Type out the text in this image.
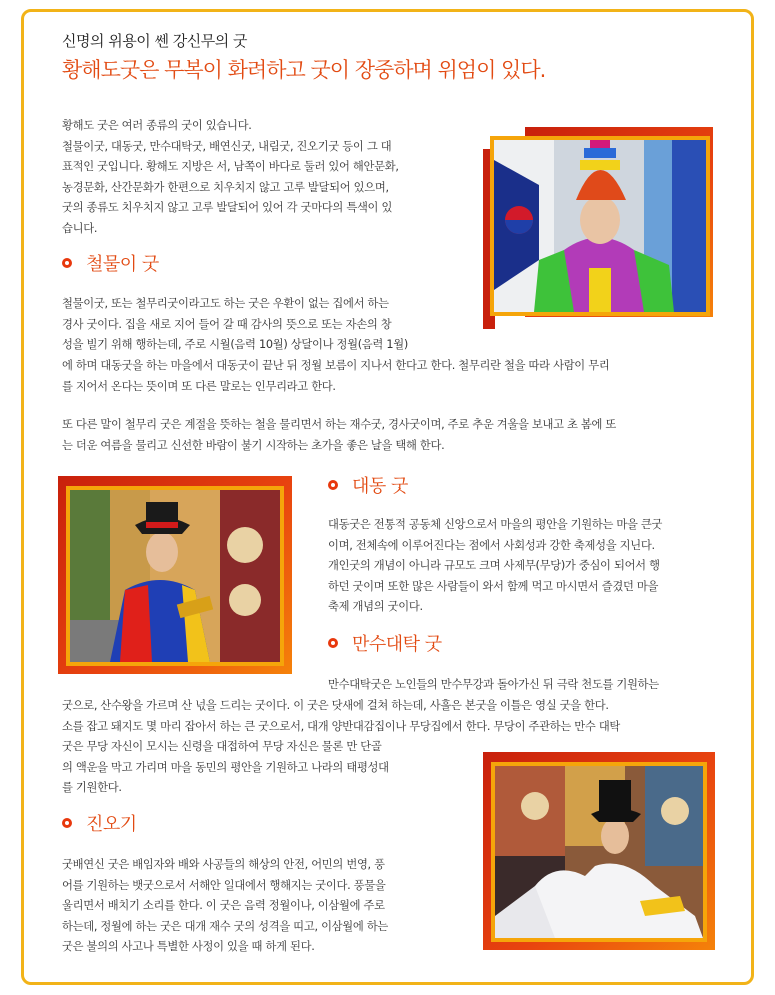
신명의 위용이 쎈 강신무의 굿
황해도굿은 무복이 화려하고 굿이 장중하며 위엄이 있다.
황해도 굿은 여러 종류의 굿이 있습니다.
철물이굿, 대동굿, 만수대탁굿, 배연신굿, 내림굿, 진오기굿 등이 그 대
표적인 굿입니다. 황해도 지방은 서, 남쪽이 바다로 둘러 있어 해안문화,
농경문화, 산간문화가 한편으로 치우치지 않고 고루 발달되어 있으며,
굿의 종류도 치우치지 않고 고루 발달되어 있어 각 굿마다의 특색이 있
습니다.
철물이 굿
철물이굿, 또는 철무리굿이라고도 하는 굿은 우환이 없는 집에서 하는
경사 굿이다. 집을 새로 지어 들어 갈 때 감사의 뜻으로 또는 자손의 창
성을 빌기 위해 행하는데, 주로 시월(음력 10월) 상달이나 정월(음력 1월)
에 하며 대동굿을 하는 마을에서 대동굿이 끝난 뒤 정월 보름이 지나서 한다고 한다. 철무리란 철을 따라 사람이 무리
를 지어서 온다는 뜻이며 또 다른 말로는 인무리라고 한다.
또 다른 말이 철무리 굿은 계절을 뜻하는 철을 물리면서 하는 재수굿, 경사굿이며, 주로 추운 겨울을 보내고 초 봄에 또
는 더운 여름을 물리고 신선한 바람이 불기 시작하는 초가을 좋은 날을 택해 한다.
대동 굿
대동굿은 전통적 공동체 신앙으로서 마을의 평안을 기원하는 마을 큰굿
이며, 전체속에 이루어진다는 점에서 사회성과 강한 축제성을 지닌다.
개인굿의 개념이 아니라 규모도 크며 사제무(무당)가 중심이 되어서 행
하던 굿이며 또한 많은 사람들이 와서 함께 먹고 마시면서 즐겼던 마을
축제 개념의 굿이다.
만수대탁 굿
만수대탁굿은 노인들의 만수무강과 돌아가신 뒤 극락 천도를 기원하는
굿으로, 산수왕을 가르며 산 넋을 드리는 굿이다. 이 굿은 닷새에 걸쳐 하는데, 사흘은 본굿을 이틀은 영실 굿을 한다.
소를 잡고 돼지도 몇 마리 잡아서 하는 큰 굿으로서, 대개 양반대감집이나 무당집에서 한다. 무당이 주관하는 만수 대탁
굿은 무당 자신이 모시는 신령을 대접하여 무당 자신은 물론 만 단골
의 액운을 막고 가리며 마을 동민의 평안을 기원하고 나라의 태평성대
를 기원한다.
진오기
굿배연신 굿은 배임자와 배와 사공들의 해상의 안전, 어민의 번영, 풍
어를 기원하는 뱃굿으로서 서해안 일대에서 행해지는 굿이다. 풍물을
울리면서 배치기 소리를 한다. 이 굿은 음력 정월이나, 이삼월에 주로
하는데, 정월에 하는 굿은 대개 재수 굿의 성격을 띠고, 이삼월에 하는
굿은 불의의 사고나 특별한 사정이 있을 때 하게 된다.
